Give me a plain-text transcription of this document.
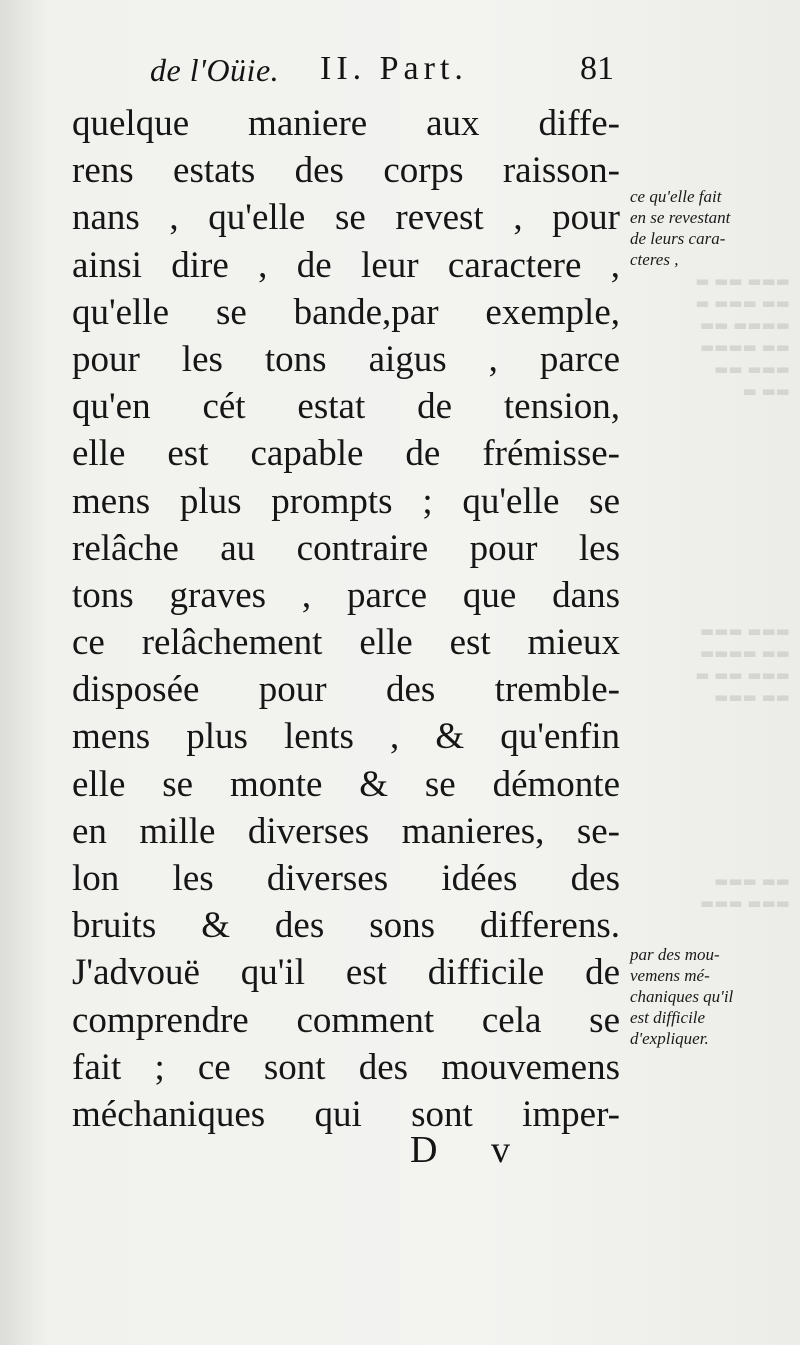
▬▬▬ ▬▬ ▬
▬▬ ▬▬▬ ▬
▬▬▬▬ ▬▬
▬▬ ▬▬▬▬
▬▬▬ ▬▬
▬▬ ▬
▬▬▬ ▬▬▬
▬▬ ▬▬▬▬
▬▬▬ ▬▬ ▬
▬▬ ▬▬▬
▬▬ ▬▬▬
▬▬▬ ▬▬▬
de l'Oüie. II. Part.	81
quelque maniere aux diffe-
rens estats des corps raisson-
nans , qu'elle se revest , pour
ainsi dire , de leur caractere ,
qu'elle se bande,par exemple,
pour les tons aigus , parce
qu'en cét estat de tension,
elle est capable de frémisse-
mens plus prompts ; qu'elle se
relâche au contraire pour les
tons graves , parce que dans
ce relâchement elle est mieux
disposée pour des tremble-
mens plus lents , & qu'enfin
elle se monte & se démonte
en mille diverses manieres, se-
lon les diverses idées des
bruits & des sons differens.
J'advouë qu'il est difficile de
comprendre comment cela se
fait ; ce sont des mouvemens
méchaniques qui sont imper-
ce qu'elle fait
en se revestant
de leurs cara-
cteres ,
par des mou-
vemens mé-
chaniques qu'il
est difficile
d'expliquer.
D v
